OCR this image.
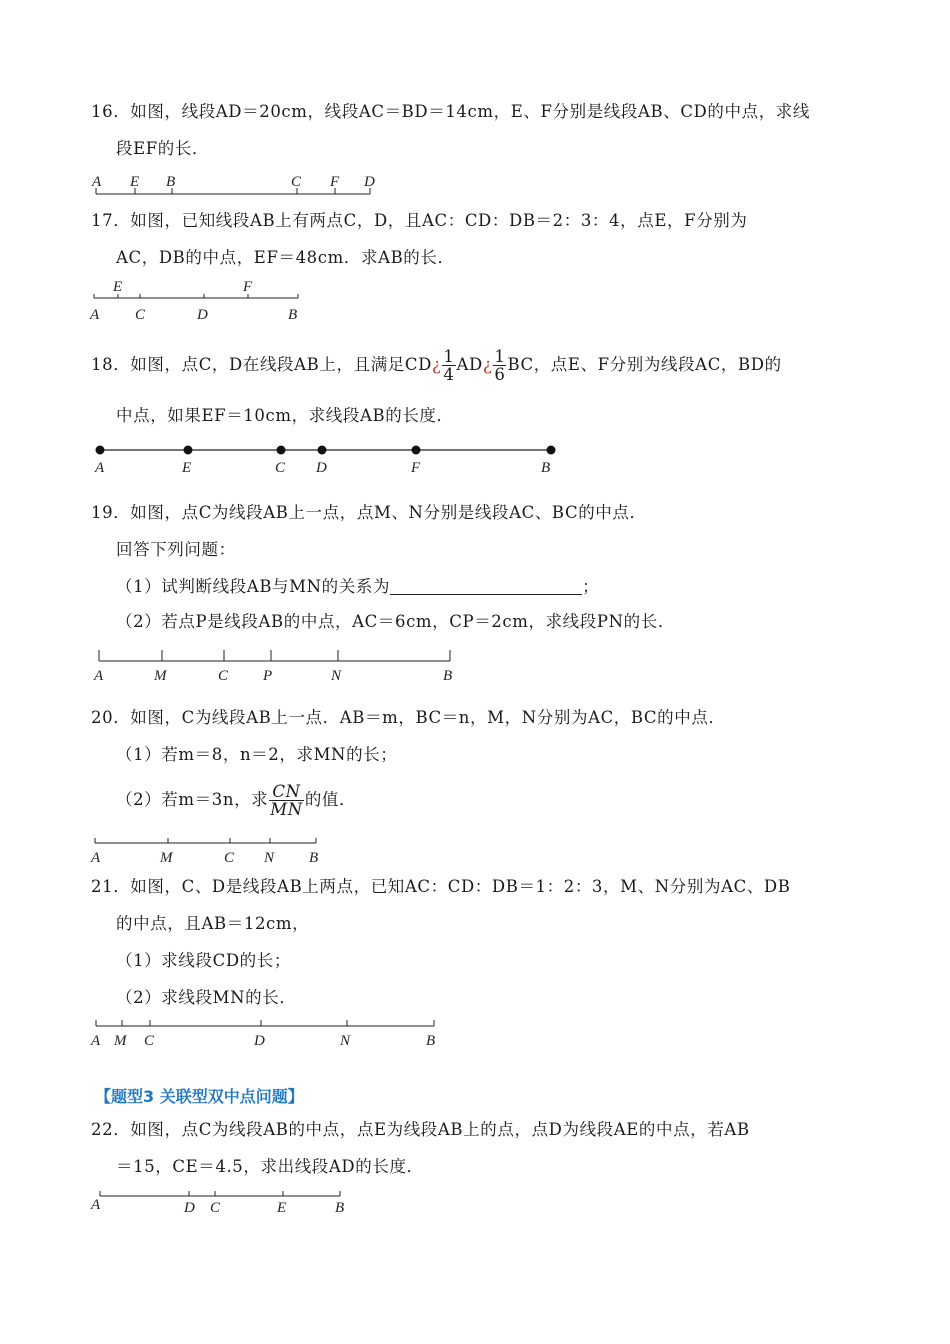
16．如图，线段AD＝20cm，线段AC＝BD＝14cm，E、F分别是线段AB、CD的中点，求线
段EF的长．
A E B	C F D
17．如图，已知线段AB上有两点C，D，且AC：CD：DB＝2：3：4，点E，F分别为
AC，DB的中点，EF＝48cm．求AB的长．
E	F
A C	D	B
18．如图，点C，D在线段AB上，且满足CD¿ $\frac{1}{4}$ AD¿ $\frac{1}{6}$ BC，点E、F分别为线段AC，BD的
中点，如果EF＝10cm，求线段AB的长度．
A	E	C D	F	B
19．如图，点C为线段AB上一点，点M、N分别是线段AC、BC的中点．
回答下列问题：
（1）试判断线段AB与MN的关系为	；
（2）若点P是线段AB的中点，AC＝6cm，CP＝2cm，求线段PN的长．
A	M	C P	N	B
20．如图，C为线段AB上一点．AB＝m，BC＝n，M，N分别为AC，BC的中点．
（1）若m＝8，n＝2，求MN的长；
（2）若m＝3n，求 $\frac{CN}{MN}$ 的值．
A	M	C N B
21．如图，C、D是线段AB上两点，已知AC：CD：DB＝1：2：3，M、N分别为AC、DB
的中点，且AB＝12cm，
（1）求线段CD的长；
（2）求线段MN的长．
A M C	D	N	B
【题型3 关联型双中点问题】
22．如图，点C为线段AB的中点，点E为线段AB上的点，点D为线段AE的中点，若AB
＝15，CE＝4.5，求出线段AD的长度．
A	D C	E	B
